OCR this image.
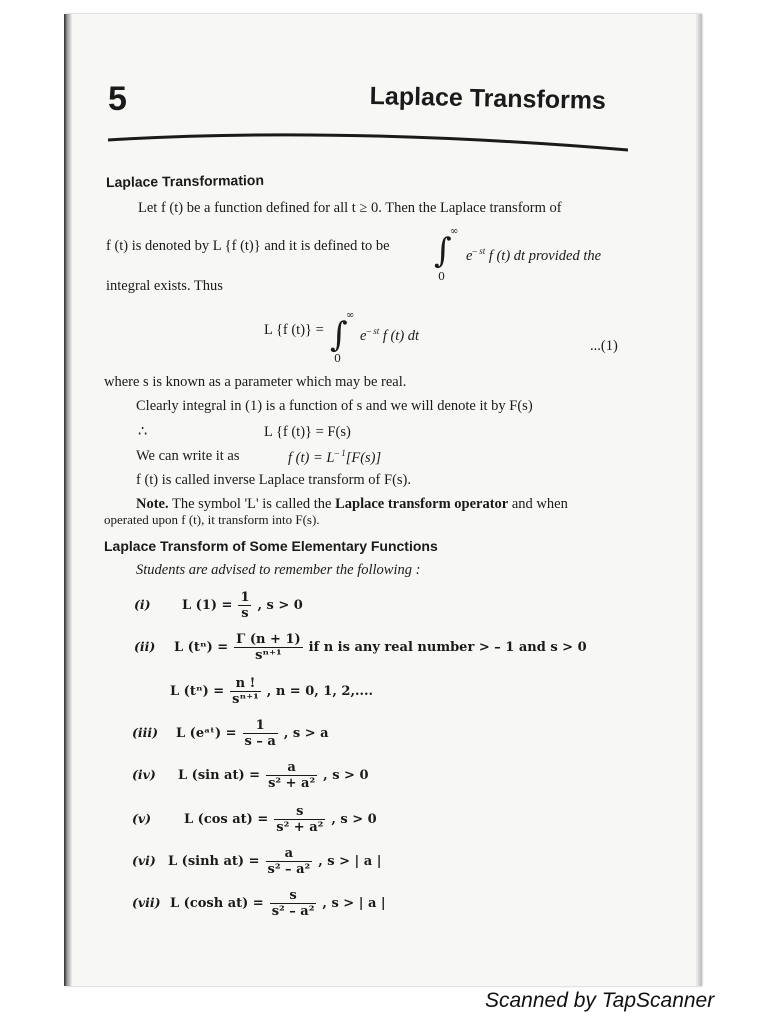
5	Laplace Transforms
Laplace Transformation
Let f (t) be a function defined for all t ≥ 0. Then the Laplace transform of
f (t) is denoted by L {f (t)} and it is defined to be ∫
∞
0
$e^{- st}$ f (t) dt provided the
integral exists. Thus
L {f (t)} = ∫
∞
0
$e^{- st}$ f (t) dt
...(1)
where s is known as a parameter which may be real.
Clearly integral in (1) is a function of s and we will denote it by F(s)
∴	L {f (t)} = F(s)
We can write it as	f $(t) = L^{- 1}[F(s)]$
f (t) is called inverse Laplace transform of F(s).
Note. The symbol 'L' is called the Laplace transform operator and when
operated upon f (t), it transform into F(s).
Laplace Transform of Some Elementary Functions
Students are advised to remember the following :
(i) L $(1) = \frac{1}{s}$ , s > 0
(ii) L $(t^n) = \frac{\Gamma (n + 1)}{\text{sⁿ⁺¹}}$ if n is any real number > – 1 and s > 0
L $(t^n) = \frac{n !}{\text{sⁿ⁺¹}}$ , n = 0, 1, 2,....
(iii) L (eᵃᵗ) = $\frac{1}{s - a}$ , s > a
(iv) L (sin $at) = \frac{a}{\text{s² + a²}}$ , s > 0
(v)	L (cos $at) = \frac{s}{\text{s² + a²}}$ , s > 0
(vi) L (sinh $at) = \frac{a}{\text{s² – a²}}$ , s > | a |
(vii) L (cosh $at) = \frac{s}{\text{s² – a²}}$ , s > | a |
Scanned by TapScanner
